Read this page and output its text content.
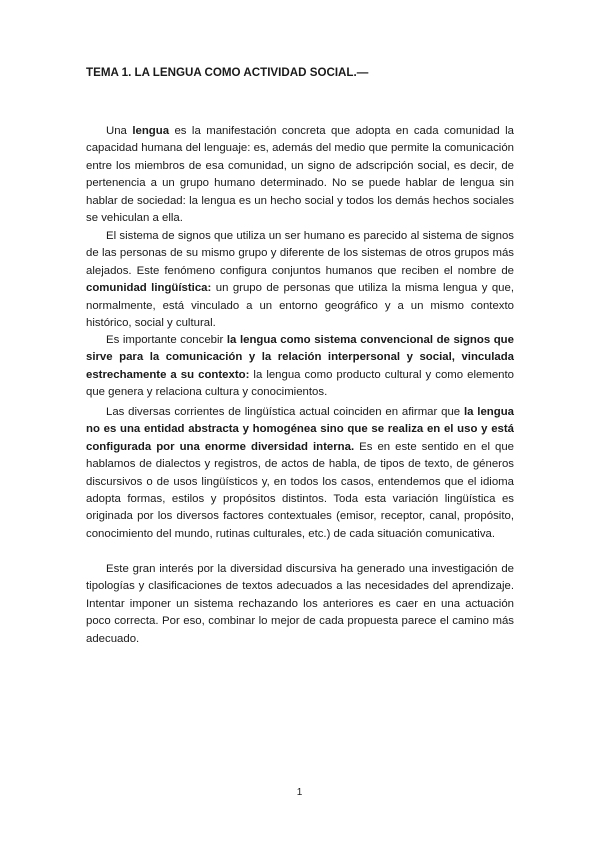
TEMA 1. LA LENGUA COMO ACTIVIDAD SOCIAL.—

Una lengua es la manifestación concreta que adopta en cada comunidad la capacidad humana del lenguaje: es, además del medio que permite la comunicación entre los miembros de esa comunidad, un signo de adscripción social, es decir, de pertenencia a un grupo humano determinado. No se puede hablar de lengua sin hablar de sociedad: la lengua es un hecho social y todos los demás hechos sociales se vehiculan a ella.

El sistema de signos que utiliza un ser humano es parecido al sistema de signos de las personas de su mismo grupo y diferente de los sistemas de otros grupos más alejados. Este fenómeno configura conjuntos humanos que reciben el nombre de comunidad lingüística: un grupo de personas que utiliza la misma lengua y que, normalmente, está vinculado a un entorno geográfico y a un mismo contexto histórico, social y cultural.

Es importante concebir la lengua como sistema convencional de signos que sirve para la comunicación y la relación interpersonal y social, vinculada estrechamente a su contexto: la lengua como producto cultural y como elemento que genera y relaciona cultura y conocimientos.

Las diversas corrientes de lingüística actual coinciden en afirmar que la lengua no es una entidad abstracta y homogénea sino que se realiza en el uso y está configurada por una enorme diversidad interna. Es en este sentido en el que hablamos de dialectos y registros, de actos de habla, de tipos de texto, de géneros discursivos o de usos lingüísticos y, en todos los casos, entendemos que el idioma adopta formas, estilos y propósitos distintos. Toda esta variación lingüística es originada por los diversos factores contextuales (emisor, receptor, canal, propósito, conocimiento del mundo, rutinas culturales, etc.) de cada situación comunicativa.

Este gran interés por la diversidad discursiva ha generado una investigación de tipologías y clasificaciones de textos adecuados a las necesidades del aprendizaje. Intentar imponer un sistema rechazando los anteriores es caer en una actuación poco correcta. Por eso, combinar lo mejor de cada propuesta parece el camino más adecuado.

1
